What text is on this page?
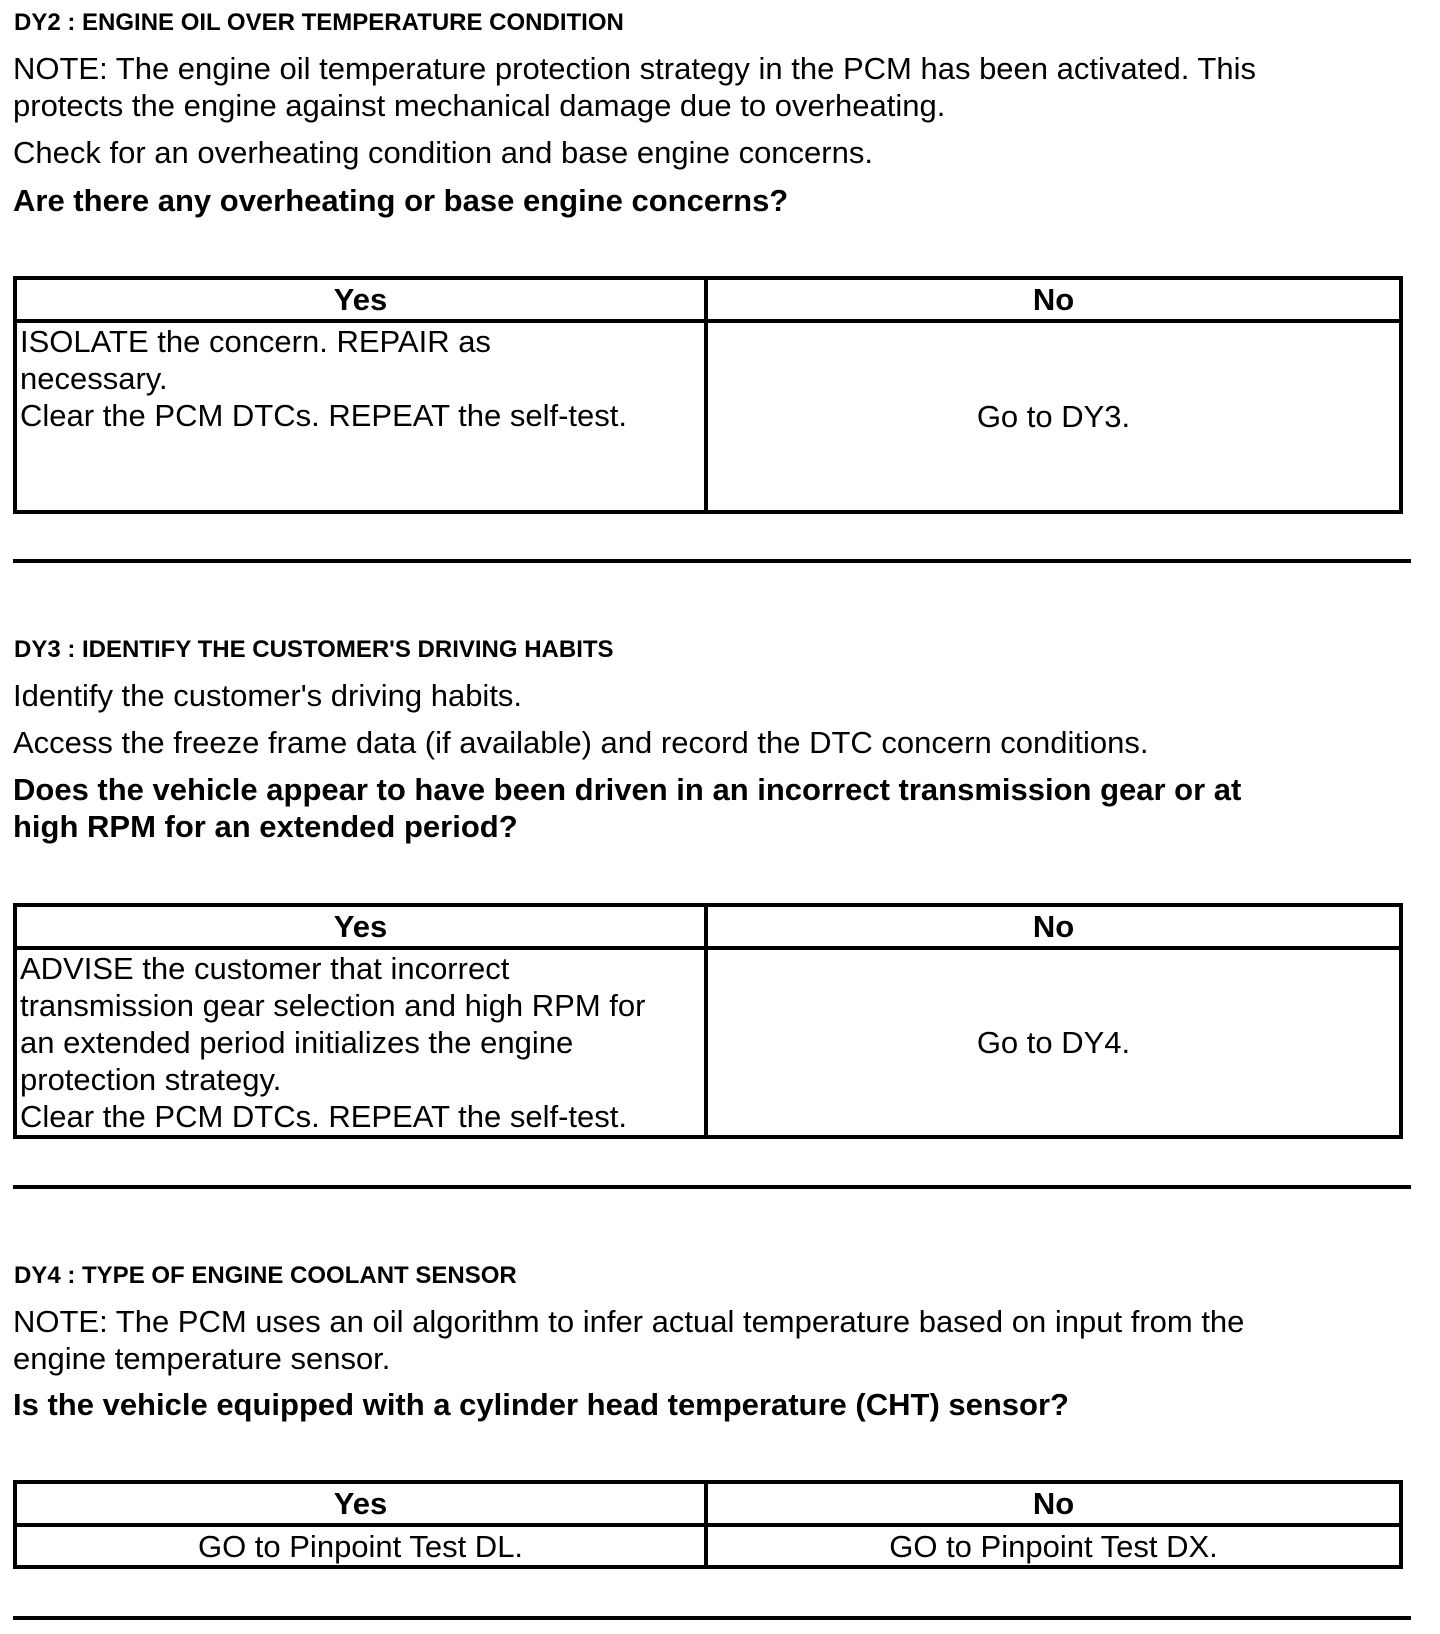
DY2 : ENGINE OIL OVER TEMPERATURE CONDITION
NOTE: The engine oil temperature protection strategy in the PCM has been activated. This
protects the engine against mechanical damage due to overheating.
Check for an overheating condition and base engine concerns.
Are there any overheating or base engine concerns?
Yes	No

ISOLATE the concern. REPAIR as
necessary.
Clear the PCM DTCs. REPEAT the self-test.	Go to DY3.
DY3 : IDENTIFY THE CUSTOMER'S DRIVING HABITS
Identify the customer's driving habits.
Access the freeze frame data (if available) and record the DTC concern conditions.
Does the vehicle appear to have been driven in an incorrect transmission gear or at
high RPM for an extended period?
Yes	No

ADVISE the customer that incorrect
transmission gear selection and high RPM for
an extended period initializes the engine
protection strategy.
Clear the PCM DTCs. REPEAT the self-test.	Go to DY4.
DY4 : TYPE OF ENGINE COOLANT SENSOR
NOTE: The PCM uses an oil algorithm to infer actual temperature based on input from the
engine temperature sensor.
Is the vehicle equipped with a cylinder head temperature (CHT) sensor?
Yes	No
GO to Pinpoint Test DL.	GO to Pinpoint Test DX.
